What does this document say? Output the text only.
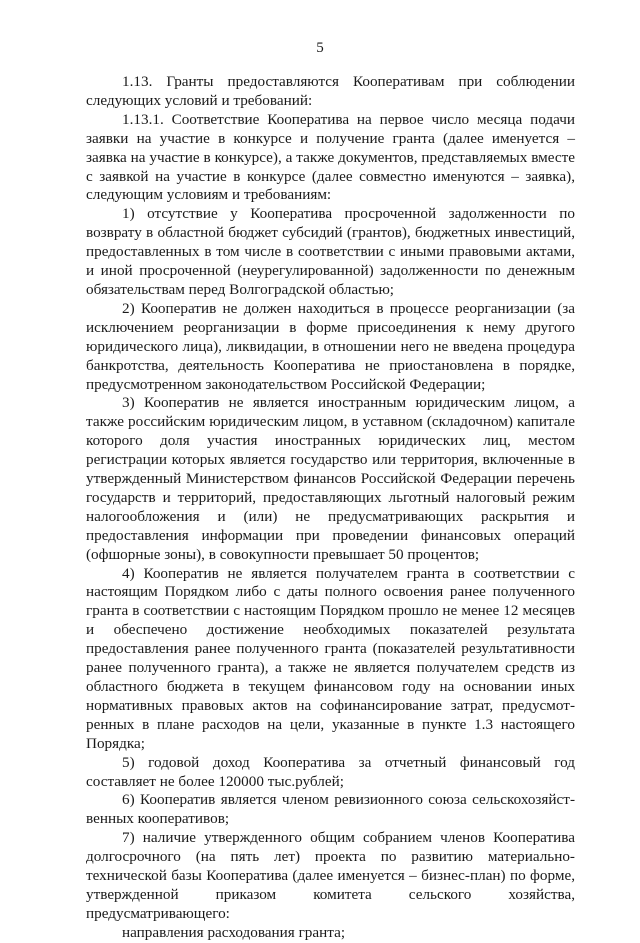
5

1.13. Гранты предоставляются Кооперативам при соблюдении следующих условий и требований:

1.13.1. Соответствие Кооператива на первое число месяца подачи заявки на участие в конкурсе и получение гранта (далее именуется – заявка на участие в конкурсе), а также документов, представляемых вместе с заявкой на участие в конкурсе (далее совместно именуются – заявка), следующим условиям и требованиям:

1) отсутствие у Кооператива просроченной задолженности по возврату в областной бюджет субсидий (грантов), бюджетных инвестиций, предоставленных в том числе в соответствии с иными правовыми актами, и иной просроченной (неурегулированной) задолженности по денежным обязательствам перед Волгоградской областью;

2) Кооператив не должен находиться в процессе реорганизации (за исключением реорганизации в форме присоединения к нему другого юридического лица), ликвидации, в отношении него не введена процедура банкротства, деятельность Кооператива не приостановлена в порядке, предусмотренном законодательством Российской Федерации;

3) Кооператив не является иностранным юридическим лицом, а также российским юридическим лицом, в уставном (складочном) капитале которого доля участия иностранных юридических лиц, местом регистрации которых является государство или территория, включенные в утвержденный Министерством финансов Российской Федерации перечень государств и территорий, предоставляющих льготный налоговый режим налогообложения и (или) не предусматривающих раскрытия и предоставления информации при проведении финансовых операций (офшорные зоны), в совокупности превышает 50 процентов;

4) Кооператив не является получателем гранта в соответствии с настоящим Порядком либо с даты полного освоения ранее полученного гранта в соответствии с настоящим Порядком прошло не менее 12 месяцев и обеспечено достижение необходимых показателей результата предоставления ранее полученного гранта (показателей результативности ранее полученного гранта), а также не является получателем средств из областного бюджета в текущем финансовом году на основании иных нормативных правовых актов на софинансирование затрат, предусмотренных в плане расходов на цели, указанные в пункте 1.3 настоящего Порядка;

5) годовой доход Кооператива за отчетный финансовый год составляет не более 120000 тыс.рублей;

6) Кооператив является членом ревизионного союза сельскохозяйственных кооперативов;

7) наличие утвержденного общим собранием членов Кооператива долгосрочного (на пять лет) проекта по развитию материально-технической базы Кооператива (далее именуется – бизнес-план) по форме, утвержденной приказом комитета сельского хозяйства, предусматривающего:

направления расходования гранта;
